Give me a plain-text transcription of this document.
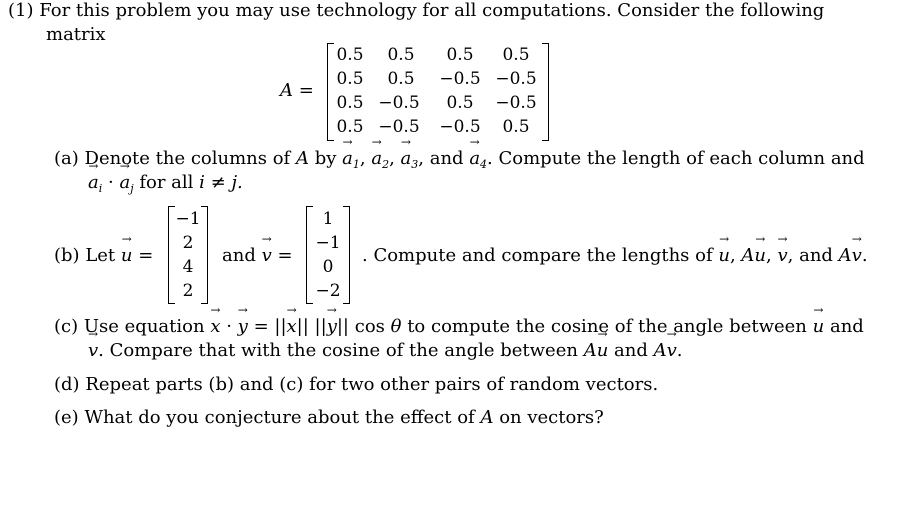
(1) For this problem you may use technology for all computations. Consider the following
matrix
A =
0.5	0.5	0.5	0.5
0.5	0.5	−0.5 −0.5
0.5 −0.5	0.5	−0.5
0.5 −0.5	−0.5	0.5
(a) Denote the columns of A by → $a_1$, → $a_2$, → $a_3$, and → $a_4$. Compute the length of each column and
→ $a_i$ · → $a_j$ for all i ≠ j.
(b) Let → u =
−1
2
4
2
and → v =
1
−1
0
−2
. Compute and compare the lengths of → u, A→ u, → v, and A→ v.
(c) Use equation → x · → y = ||→ x|| ||→ y|| cos θ to compute the cosine of the angle between → u and
→ v. Compare that with the cosine of the angle between A→ u and A→ v.
(d) Repeat parts (b) and (c) for two other pairs of random vectors.
(e) What do you conjecture about the effect of A on vectors?
